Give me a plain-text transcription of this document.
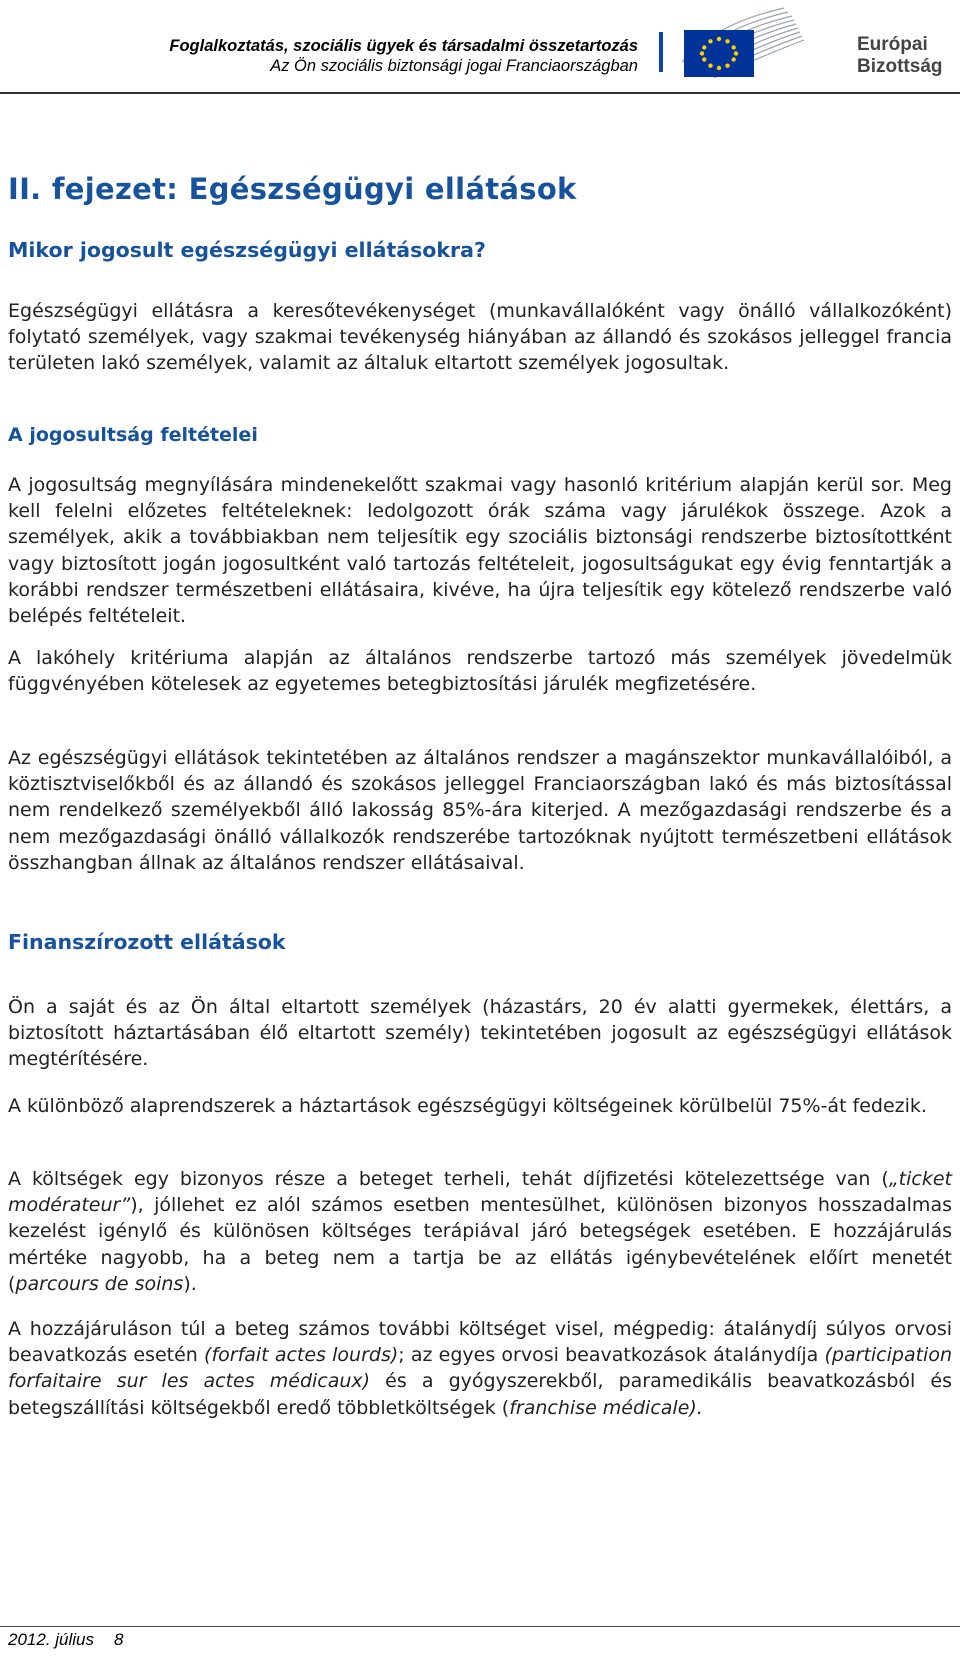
Foglalkoztatás, szociális ügyek és társadalmi összetartozás
Az Ön szociális biztonsági jogai Franciaországban
Európai
Bizottság
II. fejezet: Egészségügyi ellátások
Mikor jogosult egészségügyi ellátásokra?
Egészségügyi ellátásra a keresőtevékenységet (munkavállalóként vagy önálló vállalkozóként) folytató személyek, vagy szakmai tevékenység hiányában az állandó és szokásos jelleggel francia területen lakó személyek, valamit az általuk eltartott személyek jogosultak.
A jogosultság feltételei
A jogosultság megnyílására mindenekelőtt szakmai vagy hasonló kritérium alapján kerül sor. Meg kell felelni előzetes feltételeknek: ledolgozott órák száma vagy járulékok összege. Azok a személyek, akik a továbbiakban nem teljesítik egy szociális biztonsági rendszerbe biztosítottként vagy biztosított jogán jogosultként való tartozás feltételeit, jogosultságukat egy évig fenntartják a korábbi rendszer természetbeni ellátásaira, kivéve, ha újra teljesítik egy kötelező rendszerbe való belépés feltételeit.
A lakóhely kritériuma alapján az általános rendszerbe tartozó más személyek jövedelmük függvényében kötelesek az egyetemes betegbiztosítási járulék megfizetésére.
Az egészségügyi ellátások tekintetében az általános rendszer a magánszektor munkavállalóiból, a köztisztviselőkből és az állandó és szokásos jelleggel Franciaországban lakó és más biztosítással nem rendelkező személyekből álló lakosság 85%-ára kiterjed. A mezőgazdasági rendszerbe és a nem mezőgazdasági önálló vállalkozók rendszerébe tartozóknak nyújtott természetbeni ellátások összhangban állnak az általános rendszer ellátásaival.
Finanszírozott ellátások
Ön a saját és az Ön által eltartott személyek (házastárs, 20 év alatti gyermekek, élettárs, a biztosított háztartásában élő eltartott személy) tekintetében jogosult az egészségügyi ellátások megtérítésére.
A különböző alaprendszerek a háztartások egészségügyi költségeinek körülbelül 75%-át fedezik.
A költségek egy bizonyos része a beteget terheli, tehát díjfizetési kötelezettsége van („ticket modérateur”), jóllehet ez alól számos esetben mentesülhet, különösen bizonyos hosszadalmas kezelést igénylő és különösen költséges terápiával járó betegségek esetében. E hozzájárulás mértéke nagyobb, ha a beteg nem a tartja be az ellátás igénybevételének előírt menetét (parcours de soins).
A hozzájáruláson túl a beteg számos további költséget visel, mégpedig: átalánydíj súlyos orvosi beavatkozás esetén (forfait actes lourds); az egyes orvosi beavatkozások átalánydíja (participation forfaitaire sur les actes médicaux) és a gyógyszerekből, paramedikális beavatkozásból és betegszállítási költségekből eredő többletköltségek (franchise médicale).
2012. július 8
